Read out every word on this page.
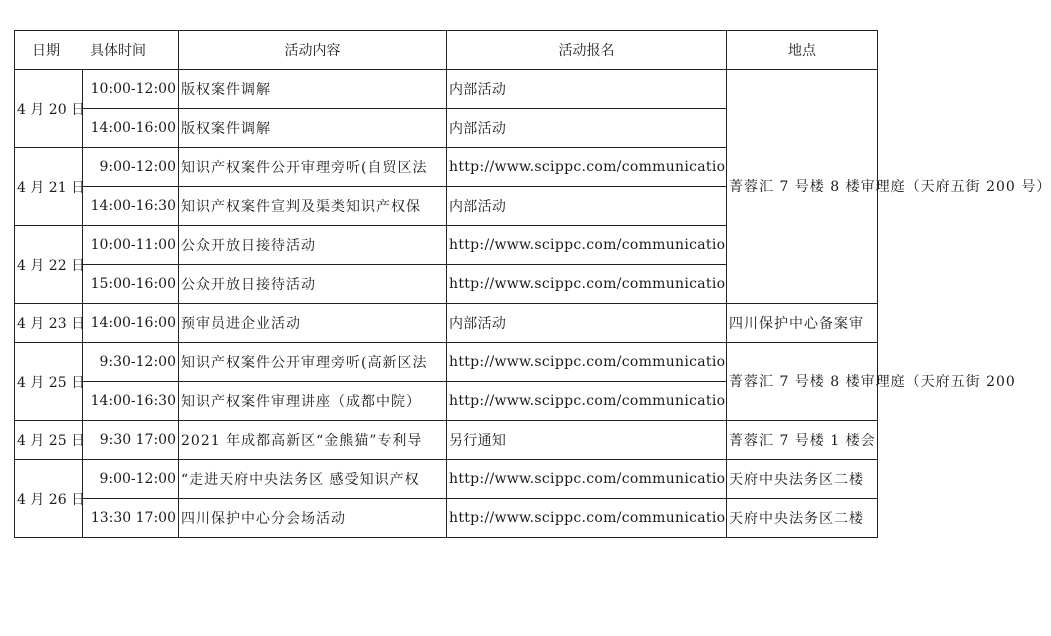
日期 具体时间		活动内容	活动报名	地点
4 月 20 日	10:00-12:00	版权案件调解	内部活动	菁蓉汇 7 号楼 8 楼审理庭（天府五街 200 号）
	14:00-16:00	版权案件调解	内部活动	
4 月 21 日	9:00-12:00	知识产权案件公开审理旁听(自贸区法	http://www.scippc.com/communicatio	
	14:00-16:30	知识产权案件宣判及渠类知识产权保	内部活动	
4 月 22 日	10:00-11:00	公众开放日接待活动	http://www.scippc.com/communicatio	
	15:00-16:00	公众开放日接待活动	http://www.scippc.com/communicatio	
4 月 23 日	14:00-16:00	预审员进企业活动	内部活动	四川保护中心备案审
4 月 25 日	9:30-12:00	知识产权案件公开审理旁听(高新区法	http://www.scippc.com/communicatio	菁蓉汇 7 号楼 8 楼审理庭（天府五街 200
	14:00-16:30	知识产权案件审理讲座（成都中院）	http://www.scippc.com/communicatio	
4 月 25 日	9:30 17:00	2021 年成都高新区“金熊猫”专利导	另行通知	菁蓉汇 7 号楼 1 楼会
4 月 26 日	9:00-12:00	“走进天府中央法务区 感受知识产权	http://www.scippc.com/communicatio	天府中央法务区二楼
	13:30 17:00	四川保护中心分会场活动	http://www.scippc.com/communicatio	天府中央法务区二楼
